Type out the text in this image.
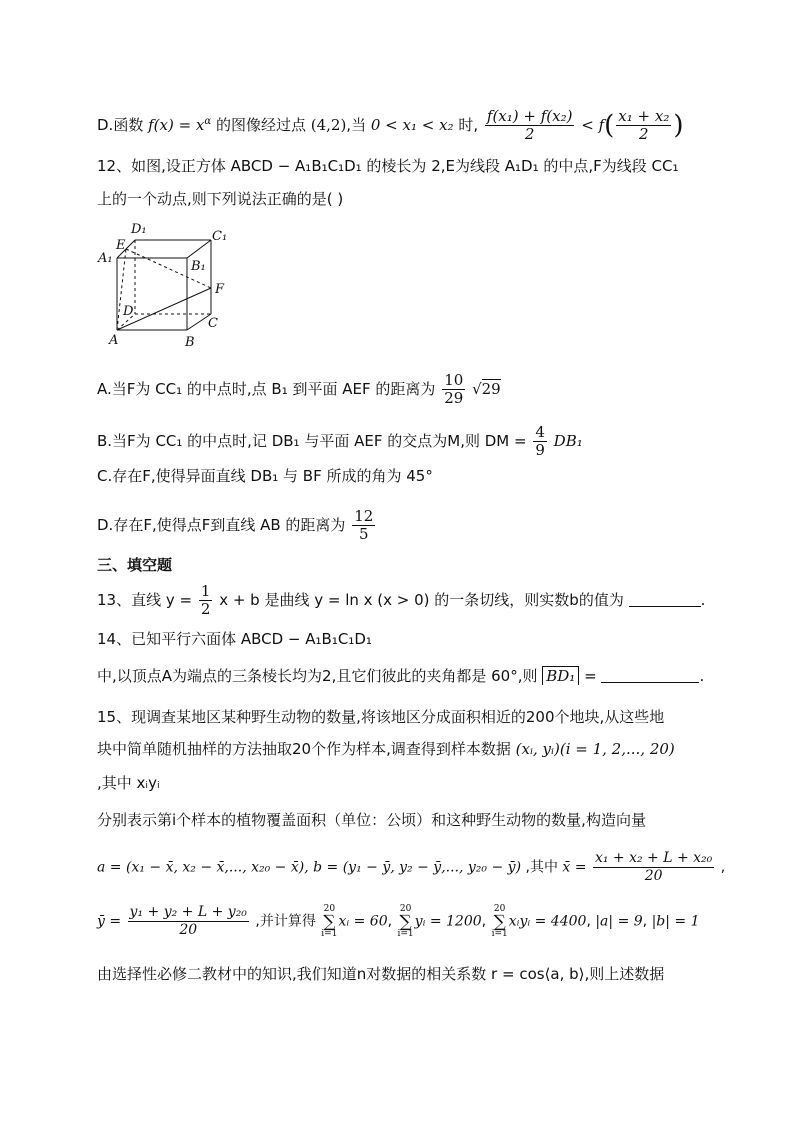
D.函数 $f(x) = x^\alpha$ 的图像经过点 (4,2),当 0 < x₁ < x₂ 时, $\frac{\text{f(x₁) + f(x₂)}}{2} < f( \frac{\text{x₁ + x₂}}{2}$ )
12、如图,设正方体 ABCD − A₁B₁C₁D₁ 的棱长为 2,E为线段 A₁D₁ 的中点,F为线段 CC₁
上的一个动点,则下列说法正确的是( )
D₁	C₁
E
A₁
B₁
F
D
C
A	B
A.当F为 CC₁ 的中点时,点 B₁ 到平面 AEF 的距离为 $\frac{10}{29} √29$
B.当F为 CC₁ 的中点时,记 DB₁ 与平面 AEF 的交点为M,则 DM = $\frac{4}{9} DB_1$
C.存在F,使得异面直线 DB₁ 与 BF 所成的角为 45°
D.存在F,使得点F到直线 AB 的距离为 $\frac{12}{5}$
三、填空题
13、直线 $y = \frac{1}{2}$ x + b 是曲线 y = ln x (x > 0) 的一条切线，则实数b的值为	.
14、已知平行六面体 ABCD − A₁B₁C₁D₁
中,以顶点A为端点的三条棱长均为2,且它们彼此的夹角都是 60°,则 BD₁ =	.
15、现调查某地区某种野生动物的数量,将该地区分成面积相近的200个地块,从这些地
块中简单随机抽样的方法抽取20个作为样本,调查得到样本数据 (xᵢ, yᵢ)(i = 1, 2,..., 20)
,其中 xᵢyᵢ
分别表示第i个样本的植物覆盖面积（单位：公顷）和这种野生动物的数量,构造向量
a = (x₁ − x̄, x₂ − x̄,..., x₂₀ − x̄), b = (y₁ − ȳ, y₂ − ȳ,..., y₂₀ − ȳ) ,其中 x̄ = $\frac{\text{x₁ + x₂ + L + x₂₀}}{20}$ ,
ȳ = $\frac{\text{y₁ + y₂ + L + y₂₀}}{20}$ ,并计算得 20
∑
i=1xᵢ = 60, 20
∑
i=1yᵢ = 1200, 20
∑
i=1xᵢyᵢ = 4400, |a| = 9, |b| = 1
由选择性必修二教材中的知识,我们知道n对数据的相关系数 r = cos⟨a, b⟩,则上述数据
